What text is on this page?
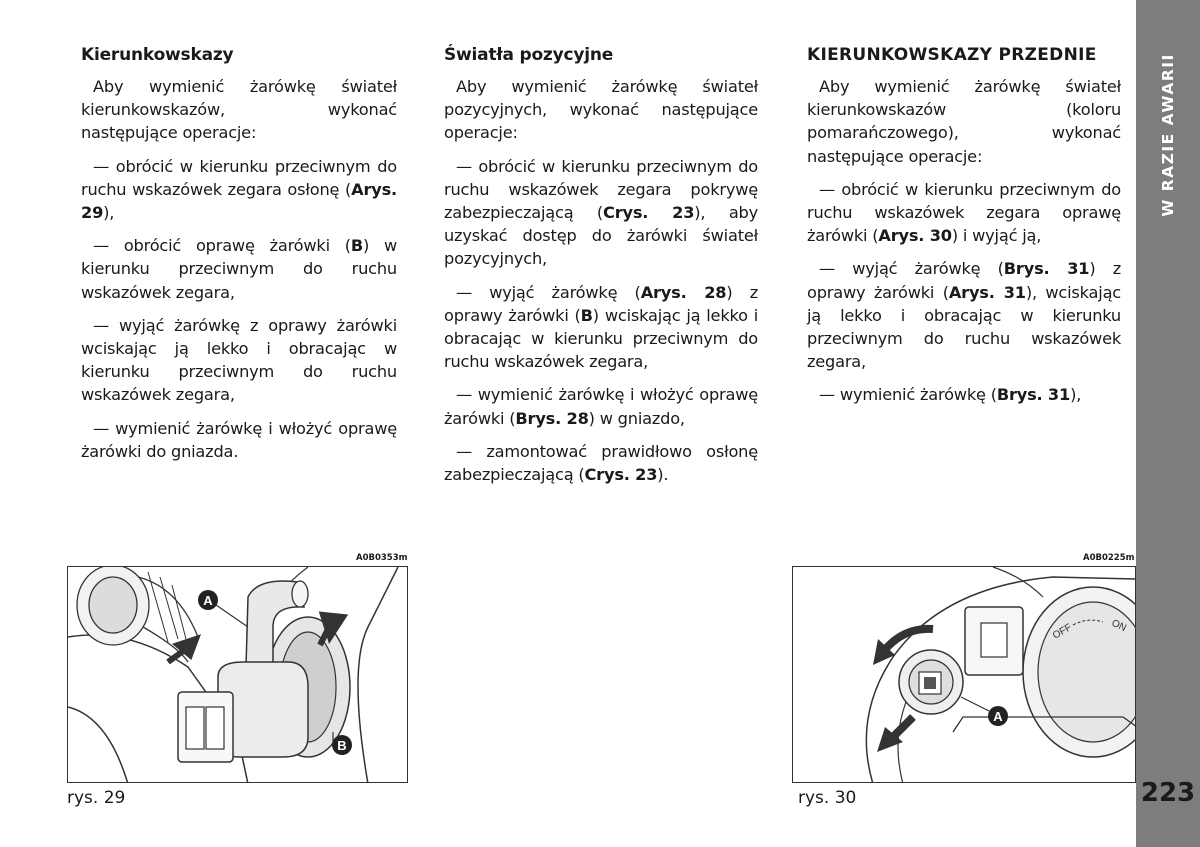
Kierunkowskazy

Aby wymienić żarówkę świateł kierunkowskazów, wykonać następujące operacje:

— obrócić w kierunku przeciwnym do ruchu wskazówek zegara osłonę (Arys. 29),

— obrócić oprawę żarówki (B) w kierunku przeciwnym do ruchu wskazówek zegara,

— wyjąć żarówkę z oprawy żarówki wciskając ją lekko i obracając w kierunku przeciwnym do ruchu wskazówek zegara,

— wymienić żarówkę i włożyć oprawę żarówki do gniazda.

Światła pozycyjne

Aby wymienić żarówkę świateł pozycyjnych, wykonać następujące operacje:

— obrócić w kierunku przeciwnym do ruchu wskazówek zegara pokrywę zabezpieczającą (Crys. 23), aby uzyskać dostęp do żarówki świateł pozycyjnych,

— wyjąć żarówkę (Arys. 28) z oprawy żarówki (B) wciskając ją lekko i obracając w kierunku przeciwnym do ruchu wskazówek zegara,

— wymienić żarówkę i włożyć oprawę żarówki (Brys. 28) w gniazdo,

— zamontować prawidłowo osłonę zabezpieczającą (Crys. 23).

KIERUNKOWSKAZY PRZEDNIE

Aby wymienić żarówkę świateł kierunkowskazów (koloru pomarańczowego), wykonać następujące operacje:

— obrócić w kierunku przeciwnym do ruchu wskazówek zegara oprawę żarówki (Arys. 30) i wyjąć ją,

— wyjąć żarówkę (Brys. 31) z oprawy żarówki (Arys. 31), wciskając ją lekko i obracając w kierunku przeciwnym do ruchu wskazówek zegara,

— wymienić żarówkę (Brys. 31),

W RAZIE AWARII
223
A0B0353m
A
B
rys. 29
A0B0225m
OFF	ON
A
rys. 30
